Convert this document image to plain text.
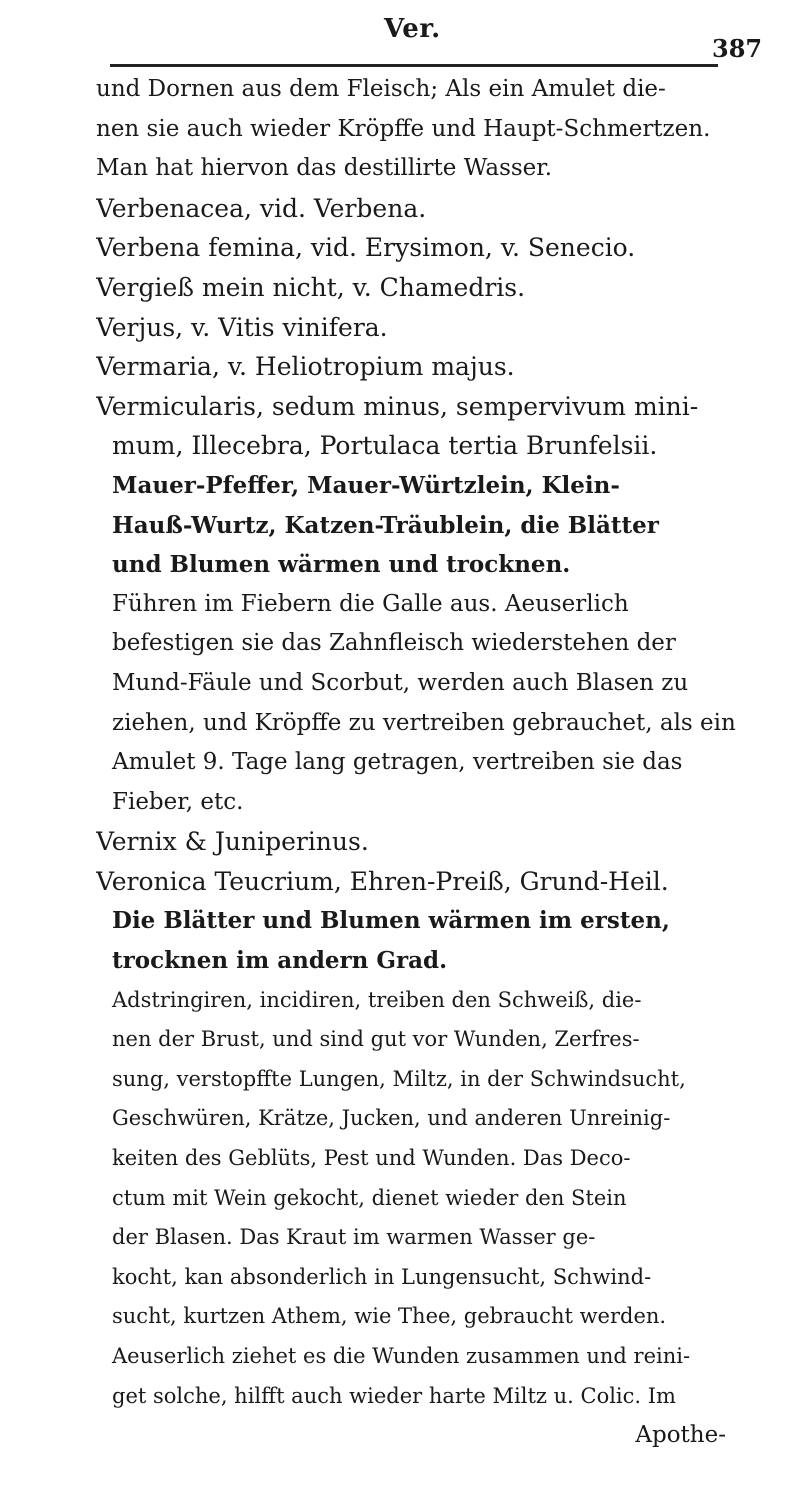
Ver.
387
und Dornen aus dem Fleisch; Als ein Amulet die-
nen sie auch wieder Kröpffe und Haupt-Schmertzen.
Man hat hiervon das destillirte Wasser.
Verbenacea, vid. Verbena.
Verbena femina, vid. Erysimon, v. Senecio.
Vergieß mein nicht, v. Chamedris.
Verjus, v. Vitis vinifera.
Vermaria, v. Heliotropium majus.
Vermicularis, sedum minus, sempervivum mini-
mum, Illecebra, Portulaca tertia Brunfelsii.
Mauer-Pfeffer, Mauer-Würtzlein, Klein-
Hauß-Wurtz, Katzen-Träublein, die Blätter
und Blumen wärmen und trocknen.
Führen im Fiebern die Galle aus. Aeuserlich
befestigen sie das Zahnfleisch wiederstehen der
Mund-Fäule und Scorbut, werden auch Blasen zu
ziehen, und Kröpffe zu vertreiben gebrauchet, als ein
Amulet 9. Tage lang getragen, vertreiben sie das
Fieber, etc.
Vernix & Juniperinus.
Veronica Teucrium, Ehren-Preiß, Grund-Heil.
Die Blätter und Blumen wärmen im ersten,
trocknen im andern Grad.
Adstringiren, incidiren, treiben den Schweiß, die-
nen der Brust, und sind gut vor Wunden, Zerfres-
sung, verstopffte Lungen, Miltz, in der Schwindsucht,
Geschwüren, Krätze, Jucken, und anderen Unreinig-
keiten des Geblüts, Pest und Wunden. Das Deco-
ctum mit Wein gekocht, dienet wieder den Stein
der Blasen. Das Kraut im warmen Wasser ge-
kocht, kan absonderlich in Lungensucht, Schwind-
sucht, kurtzen Athem, wie Thee, gebraucht werden.
Aeuserlich ziehet es die Wunden zusammen und reini-
get solche, hilfft auch wieder harte Miltz u. Colic. Im
Apothe-
